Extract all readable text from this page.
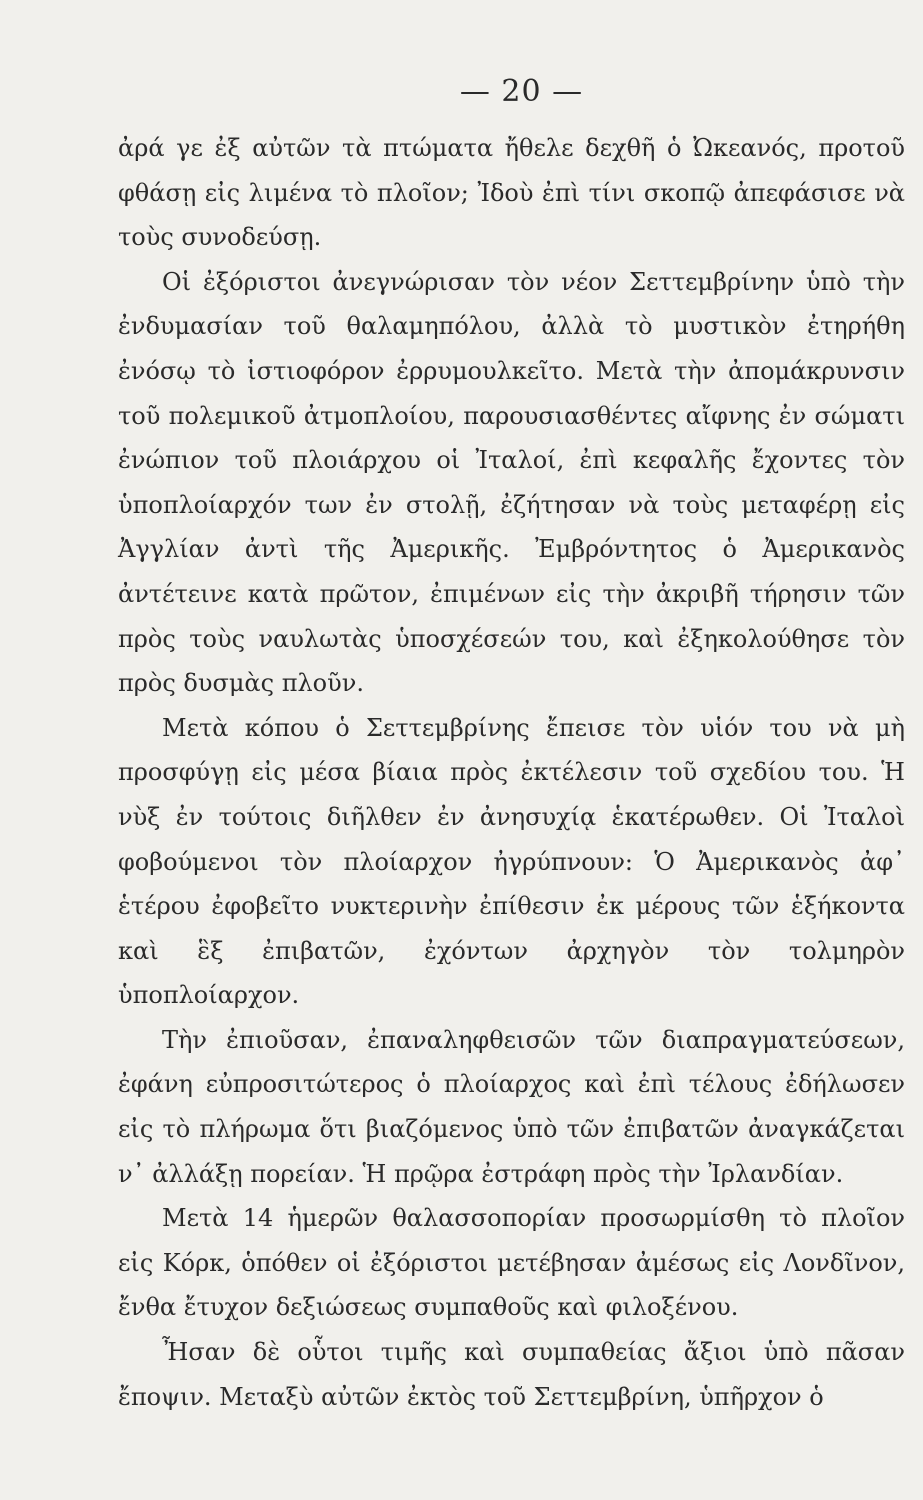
— 20 —

ἀρά γε ἐξ αὐτῶν τὰ πτώματα ἤθελε δεχθῆ ὁ Ὠκεανός, προτοῦ φθάσῃ εἰς λιμένα τὸ πλοῖον; Ἰδοὺ ἐπὶ τίνι σκοπῷ ἀπεφάσισε νὰ τοὺς συνοδεύσῃ.

Οἱ ἐξόριστοι ἀνεγνώρισαν τὸν νέον Σεττεμβρίνην ὑπὸ τὴν ἐνδυμασίαν τοῦ θαλαμηπόλου, ἀλλὰ τὸ μυστικὸν ἐτηρήθη ἐνόσῳ τὸ ἱστιοφόρον ἐρρυμουλκεῖτο. Μετὰ τὴν ἀπομάκρυνσιν τοῦ πολεμικοῦ ἀτμοπλοίου, παρουσιασθέντες αἴφνης ἐν σώματι ἐνώπιον τοῦ πλοιάρχου οἱ Ἰταλοί, ἐπὶ κεφαλῆς ἔχοντες τὸν ὑποπλοίαρχόν των ἐν στολῇ, ἐζήτησαν νὰ τοὺς μεταφέρῃ εἰς Ἀγγλίαν ἀντὶ τῆς Ἀμερικῆς. Ἐμβρόντητος ὁ Ἀμερικανὸς ἀντέτεινε κατὰ πρῶτον, ἐπιμένων εἰς τὴν ἀκριβῆ τήρησιν τῶν πρὸς τοὺς ναυλωτὰς ὑποσχέσεών του, καὶ ἐξηκολούθησε τὸν πρὸς δυσμὰς πλοῦν.

Μετὰ κόπου ὁ Σεττεμβρίνης ἔπεισε τὸν υἱόν του νὰ μὴ προσφύγῃ εἰς μέσα βίαια πρὸς ἐκτέλεσιν τοῦ σχεδίου του. Ἡ νὺξ ἐν τούτοις διῆλθεν ἐν ἀνησυχίᾳ ἑκατέρωθεν. Οἱ Ἰταλοὶ φοβούμενοι τὸν πλοίαρχον ἠγρύπνουν: Ὁ Ἀμερικανὸς ἀφ᾽ ἑτέρου ἐφοβεῖτο νυκτερινὴν ἐπίθεσιν ἐκ μέρους τῶν ἑξήκοντα καὶ ἓξ ἐπιβατῶν, ἐχόντων ἀρχηγὸν τὸν τολμηρὸν ὑποπλοίαρχον.

Τὴν ἐπιοῦσαν, ἐπαναληφθεισῶν τῶν διαπραγματεύσεων, ἐφάνη εὐπροσιτώτερος ὁ πλοίαρχος καὶ ἐπὶ τέλους ἐδήλωσεν εἰς τὸ πλήρωμα ὅτι βιαζόμενος ὑπὸ τῶν ἐπιβατῶν ἀναγκάζεται ν᾽ ἀλλάξῃ πορείαν. Ἡ πρῷρα ἐστράφη πρὸς τὴν Ἰρλανδίαν.

Μετὰ 14 ἡμερῶν θαλασσοπορίαν προσωρμίσθη τὸ πλοῖον εἰς Κόρκ, ὁπόθεν οἱ ἐξόριστοι μετέβησαν ἀμέσως εἰς Λονδῖνον, ἔνθα ἔτυχον δεξιώσεως συμπαθοῦς καὶ φιλοξένου.

Ἦσαν δὲ οὗτοι τιμῆς καὶ συμπαθείας ἄξιοι ὑπὸ πᾶσαν ἔποψιν. Μεταξὺ αὐτῶν ἐκτὸς τοῦ Σεττεμβρίνη, ὑπῆρχον ὁ
